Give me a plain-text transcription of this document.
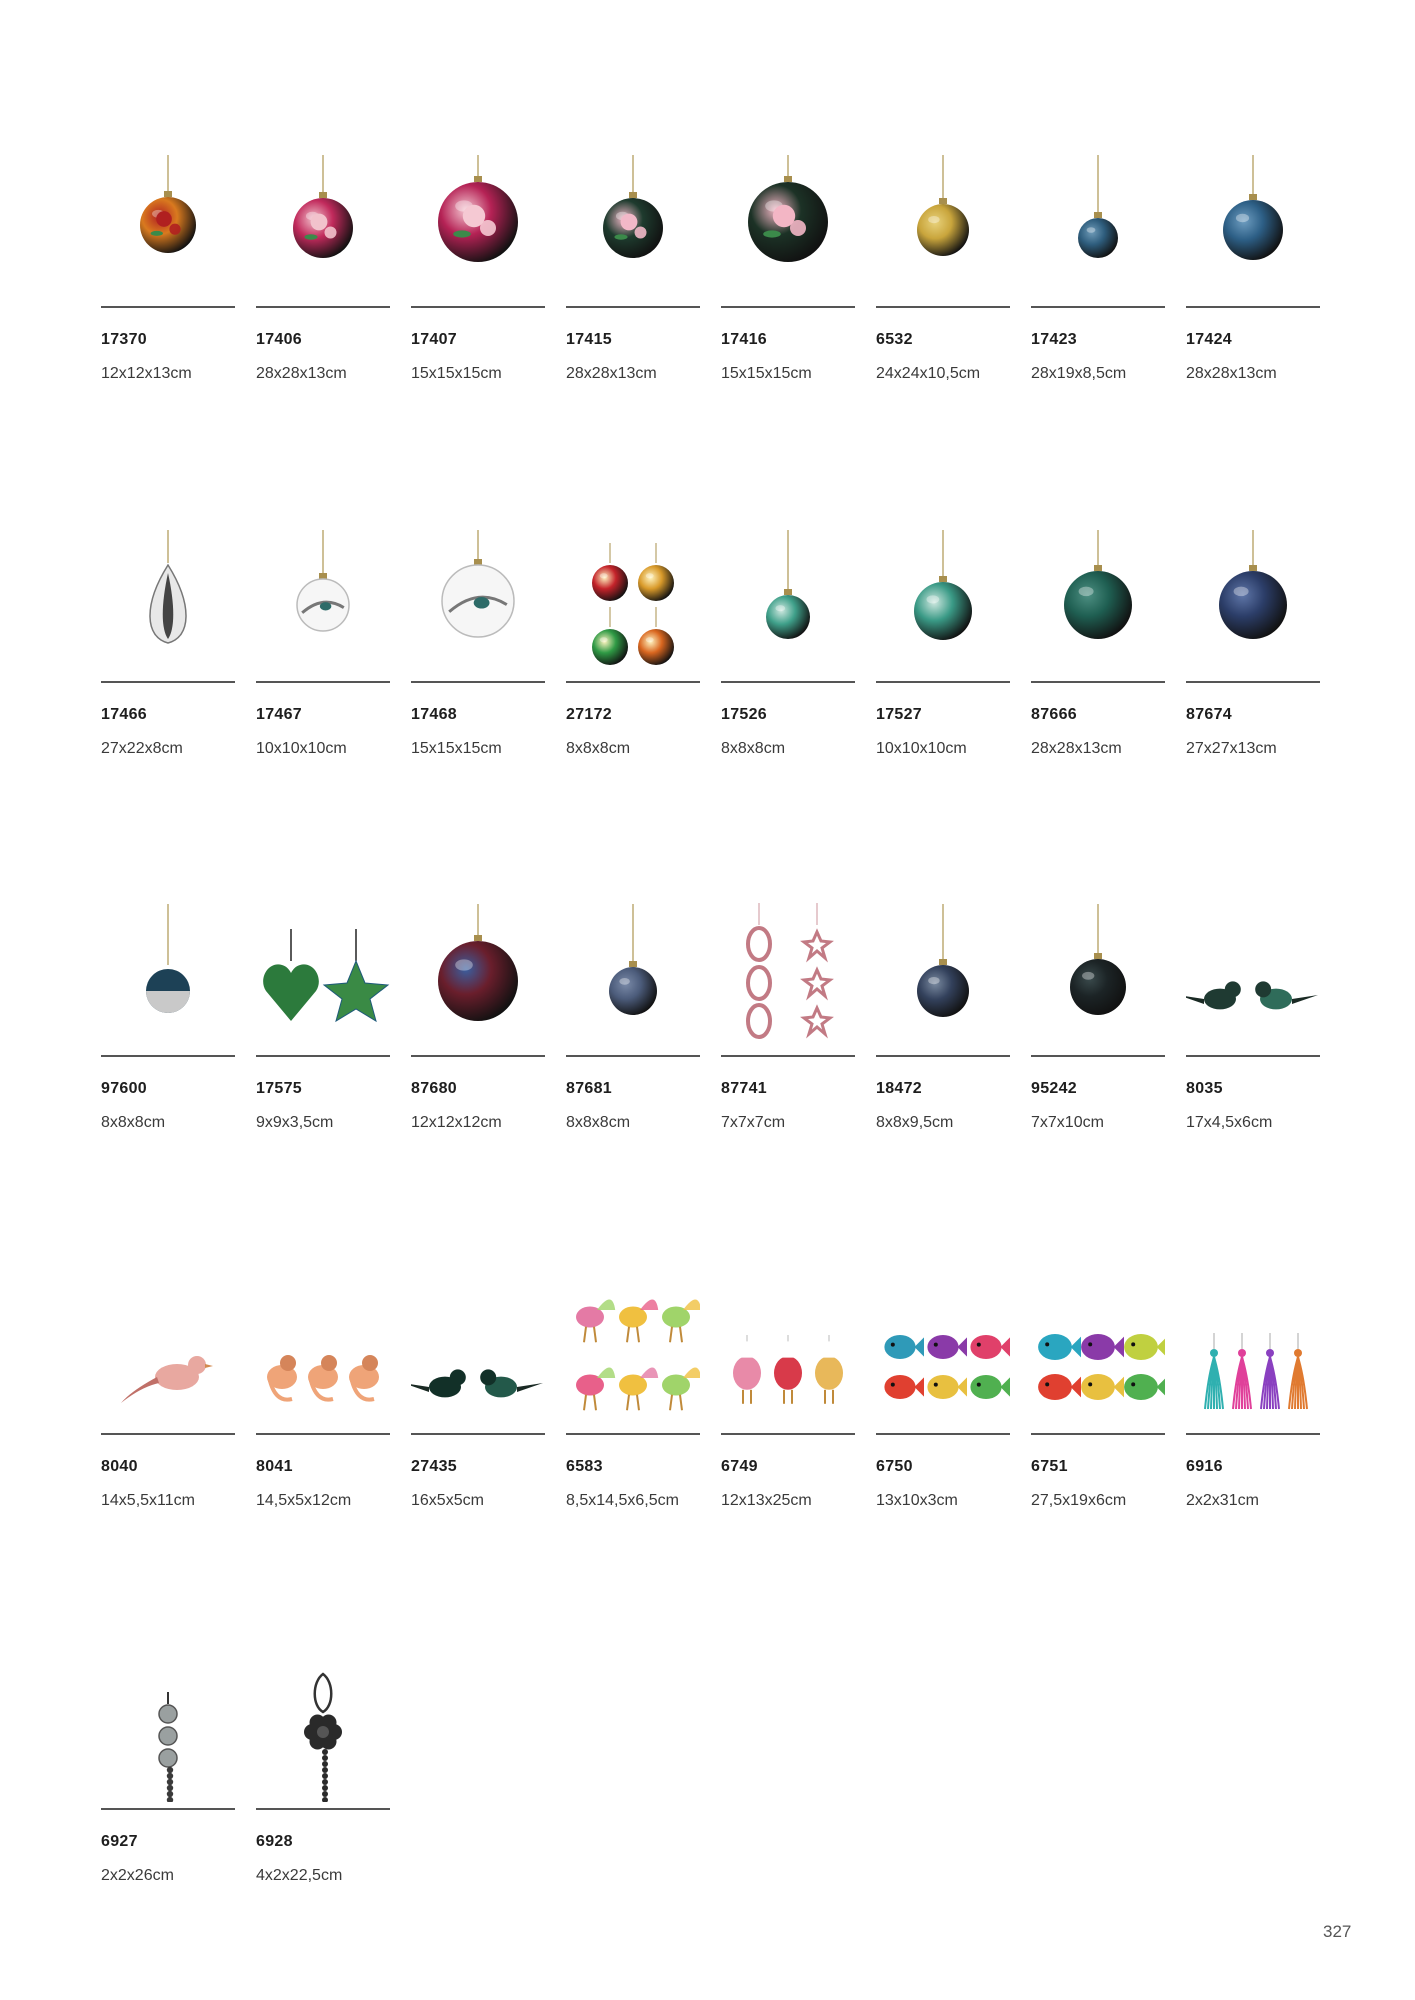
17370
12x12x13cm
17406
28x28x13cm
17407
15x15x15cm
17415
28x28x13cm
17416
15x15x15cm
6532
24x24x10,5cm
17423
28x19x8,5cm
17424
28x28x13cm
17466
27x22x8cm
17467
10x10x10cm
17468
15x15x15cm
27172
8x8x8cm
17526
8x8x8cm
17527
10x10x10cm
87666
28x28x13cm
87674
27x27x13cm
97600
8x8x8cm
17575
9x9x3,5cm
87680
12x12x12cm
87681
8x8x8cm
87741
7x7x7cm
18472
8x8x9,5cm
95242
7x7x10cm
8035
17x4,5x6cm
8040
14x5,5x11cm
8041
14,5x5x12cm
27435
16x5x5cm
6583
8,5x14,5x6,5cm
6749
12x13x25cm
6750
13x10x3cm
6751
27,5x19x6cm
6916
2x2x31cm
6927
2x2x26cm
6928
4x2x22,5cm
327
